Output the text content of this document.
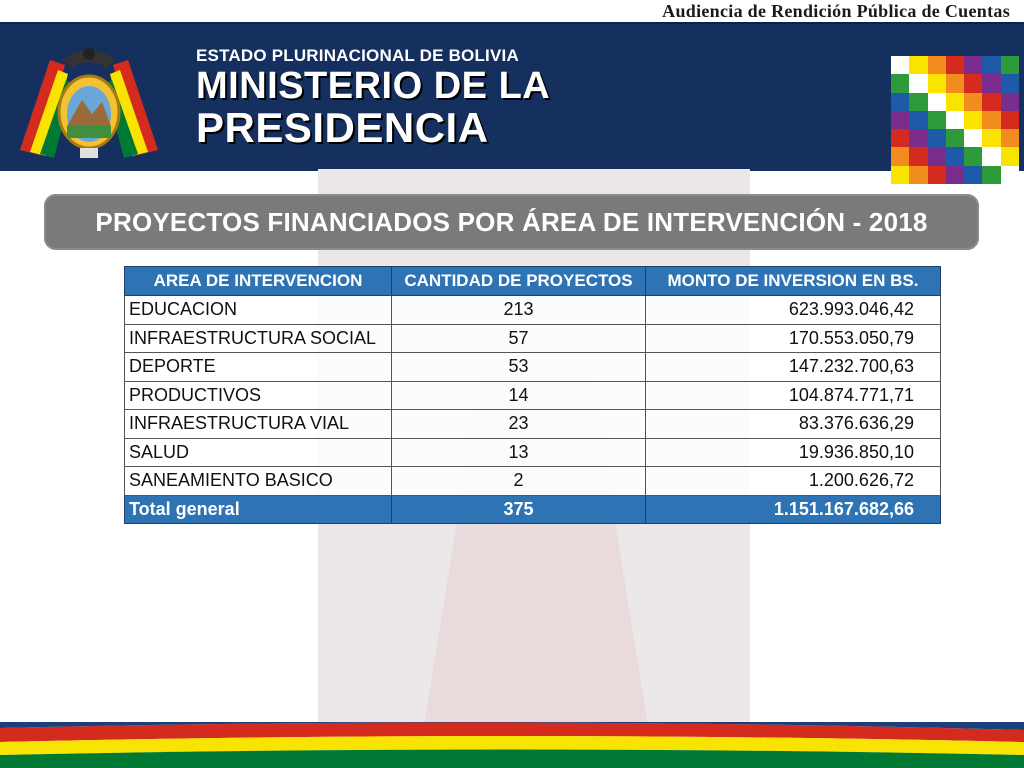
Audiencia de Rendición Pública de Cuentas
ESTADO PLURINACIONAL DE BOLIVIA
MINISTERIO DE LA
PRESIDENCIA
PROYECTOS FINANCIADOS POR ÁREA DE INTERVENCIÓN - 2018
AREA DE INTERVENCION	CANTIDAD DE PROYECTOS	MONTO DE INVERSION EN BS.
EDUCACION	213	623.993.046,42
INFRAESTRUCTURA SOCIAL	57	170.553.050,79
DEPORTE	53	147.232.700,63
PRODUCTIVOS	14	104.874.771,71
INFRAESTRUCTURA VIAL	23	83.376.636,29
SALUD	13	19.936.850,10
SANEAMIENTO BASICO	2	1.200.626,72
Total general	375	1.151.167.682,66
